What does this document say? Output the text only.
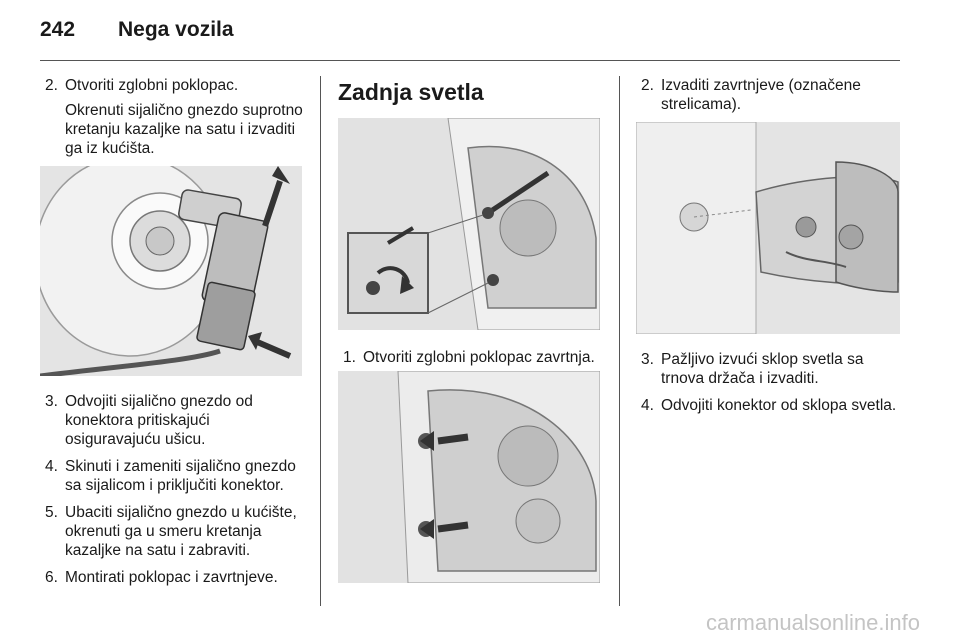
242 Nega vozila
2. Otvoriti zglobni poklopac.
Okrenuti sijalično gnezdo suprotno kretanju kazaljke na satu i izvaditi ga iz kućišta.
3. Odvojiti sijalično gnezdo od konektora pritiskajući osiguravajuću ušicu.
4. Skinuti i zameniti sijalično gnezdo sa sijalicom i priključiti konektor.
5. Ubaciti sijalično gnezdo u kućište, okrenuti ga u smeru kretanja kazaljke na satu i zabraviti.
6. Montirati poklopac i zavrtnjeve.
Zadnja svetla
1. Otvoriti zglobni poklopac zavrtnja.
2. Izvaditi zavrtnjeve (označene strelicama).
3. Pažljivo izvući sklop svetla sa trnova držača i izvaditi.
4. Odvojiti konektor od sklopa svetla.
carmanualsonline.info
